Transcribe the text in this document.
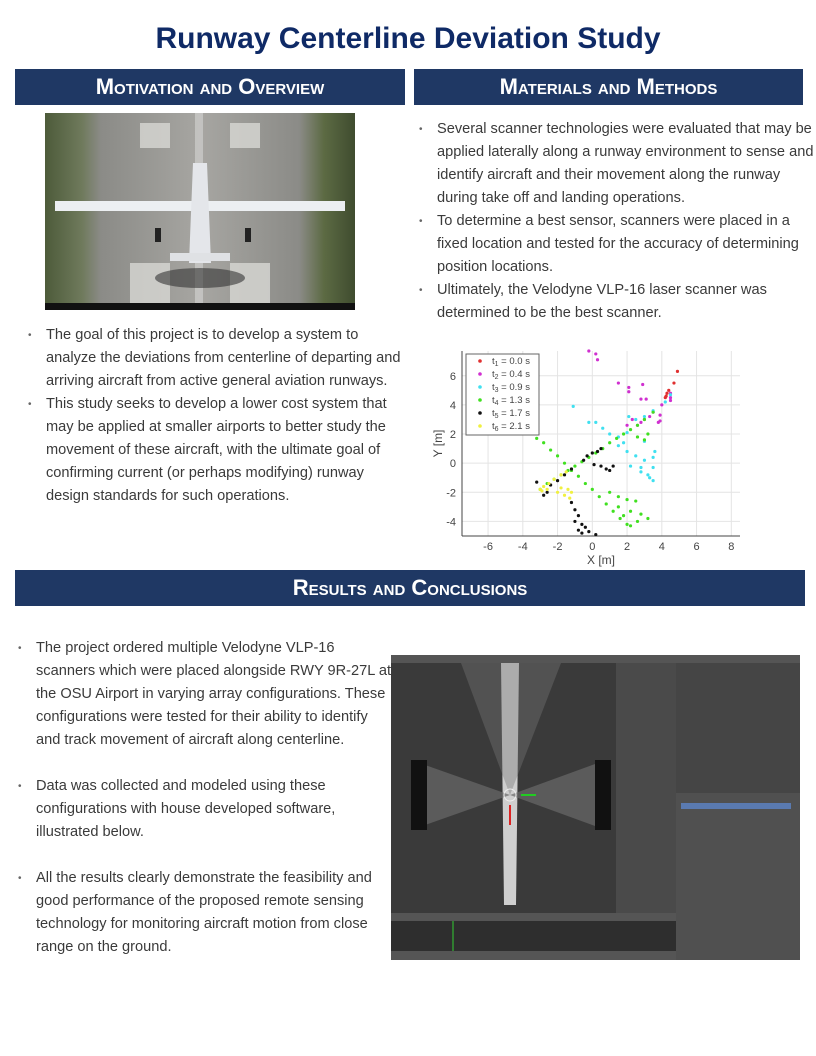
Runway Centerline Deviation Study
Motivation and Overview	Materials and Methods
• The goal of this project is to develop a system to analyze the deviations from centerline of departing and arriving aircraft from active general aviation runways.
• This study seeks to develop a lower cost system that may be applied at smaller airports to better study the movement of these aircraft, with the ultimate goal of confirming current (or perhaps modifying) runway design standards for such operations.
• Several scanner technologies were evaluated that may be applied laterally along a runway environment to sense and identify aircraft and their movement along the runway during take off and landing operations.
• To determine a best sensor, scanners were placed in a fixed location and tested for the accuracy of determining position locations.
• Ultimately, the Velodyne VLP-16 laser scanner was determined to be the best scanner.
-6 -4 -2 0	2	4	6	8
-4
-2
0
2
4
6
X [m]
Y [m]
$t_1 = 0.0$ s
$t_2 = 0.4$ s
$t_3 = 0.9$ s
$t_4 = 1.3$ s
$t_5 = 1.7$ s
$t_6 = 2.1$ s
Results and Conclusions
• The project ordered multiple Velodyne VLP-16 scanners which were placed alongside RWY 9R-27L at the OSU Airport in varying array configurations. These configurations were tested for their ability to identify and track movement of aircraft along centerline.
• Data was collected and modeled using these configurations with house developed software, illustrated below.
• All the results clearly demonstrate the feasibility and good performance of the proposed remote sensing technology for monitoring aircraft motion from close range on the ground.
